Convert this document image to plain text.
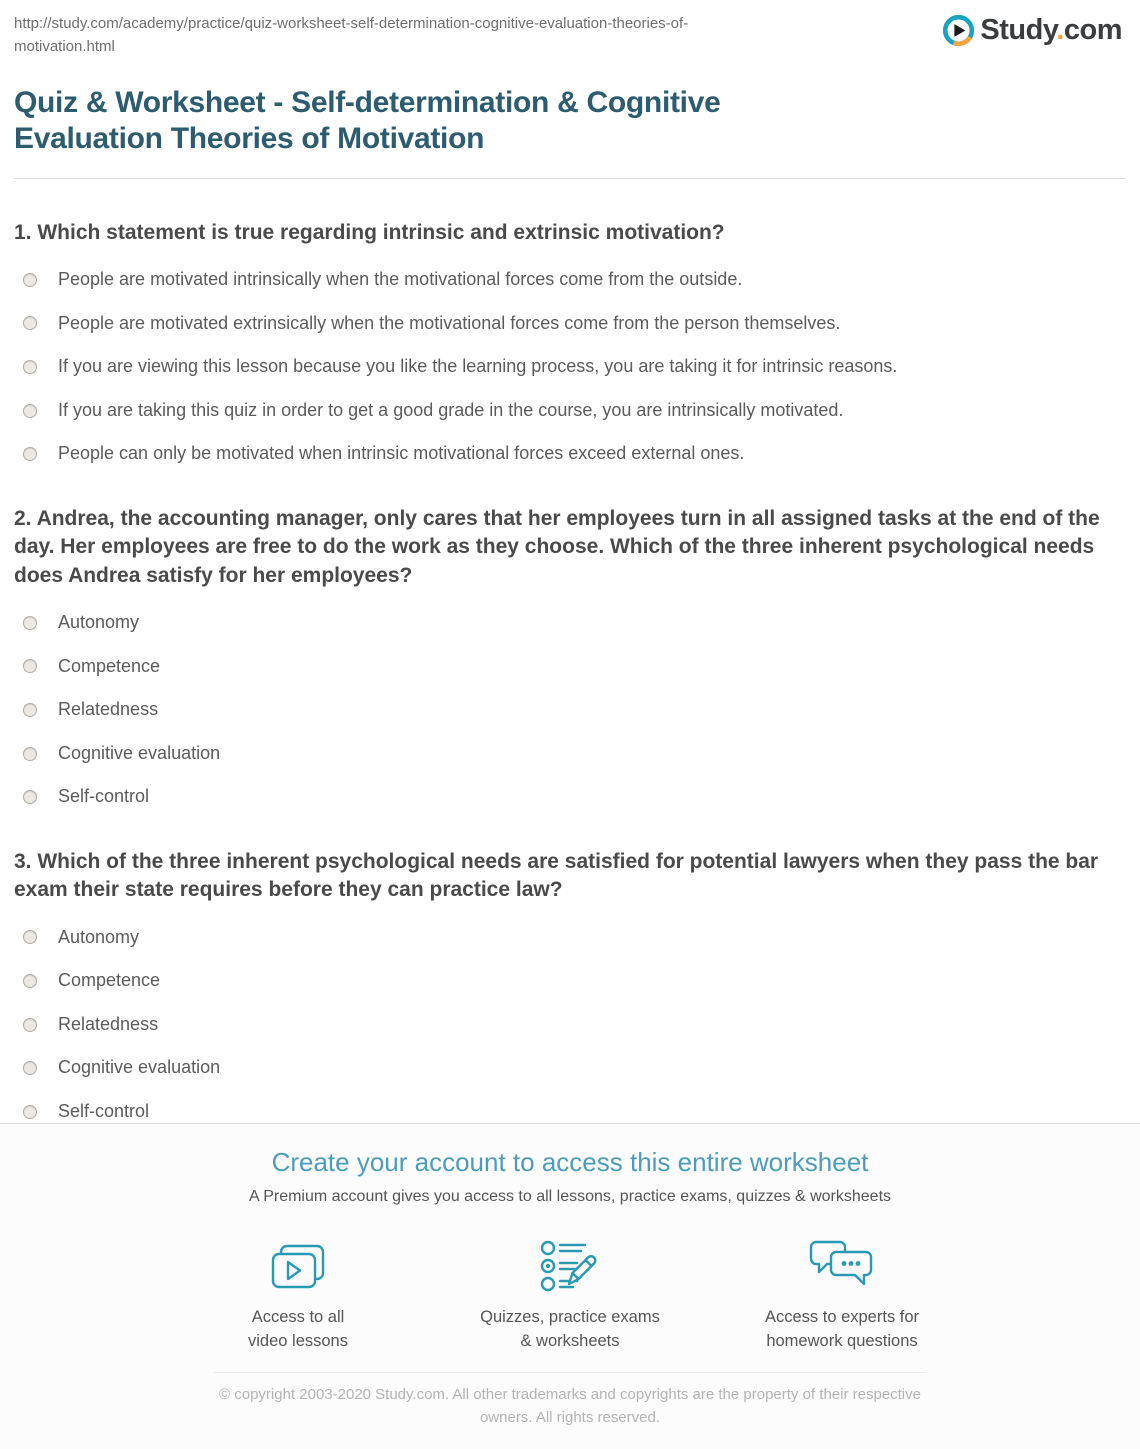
http://study.com/academy/practice/quiz-worksheet-self-determination-cognitive-evaluation-theories-of-motivation.html
Study.com
Quiz & Worksheet - Self-determination & Cognitive Evaluation Theories of Motivation
1. Which statement is true regarding intrinsic and extrinsic motivation?
People are motivated intrinsically when the motivational forces come from the outside.
People are motivated extrinsically when the motivational forces come from the person themselves.
If you are viewing this lesson because you like the learning process, you are taking it for intrinsic reasons.
If you are taking this quiz in order to get a good grade in the course, you are intrinsically motivated.
People can only be motivated when intrinsic motivational forces exceed external ones.
2. Andrea, the accounting manager, only cares that her employees turn in all assigned tasks at the end of the day. Her employees are free to do the work as they choose. Which of the three inherent psychological needs does Andrea satisfy for her employees?
Autonomy
Competence
Relatedness
Cognitive evaluation
Self-control
3. Which of the three inherent psychological needs are satisfied for potential lawyers when they pass the bar exam their state requires before they can practice law?
Autonomy
Competence
Relatedness
Cognitive evaluation
Self-control
Create your account to access this entire worksheet

A Premium account gives you access to all lessons, practice exams, quizzes & worksheets

Access to all
video lessons
Quizzes, practice exams
& worksheets
Access to experts for
homework questions
© copyright 2003-2020 Study.com. All other trademarks and copyrights are the property of their respective owners. All rights reserved.
